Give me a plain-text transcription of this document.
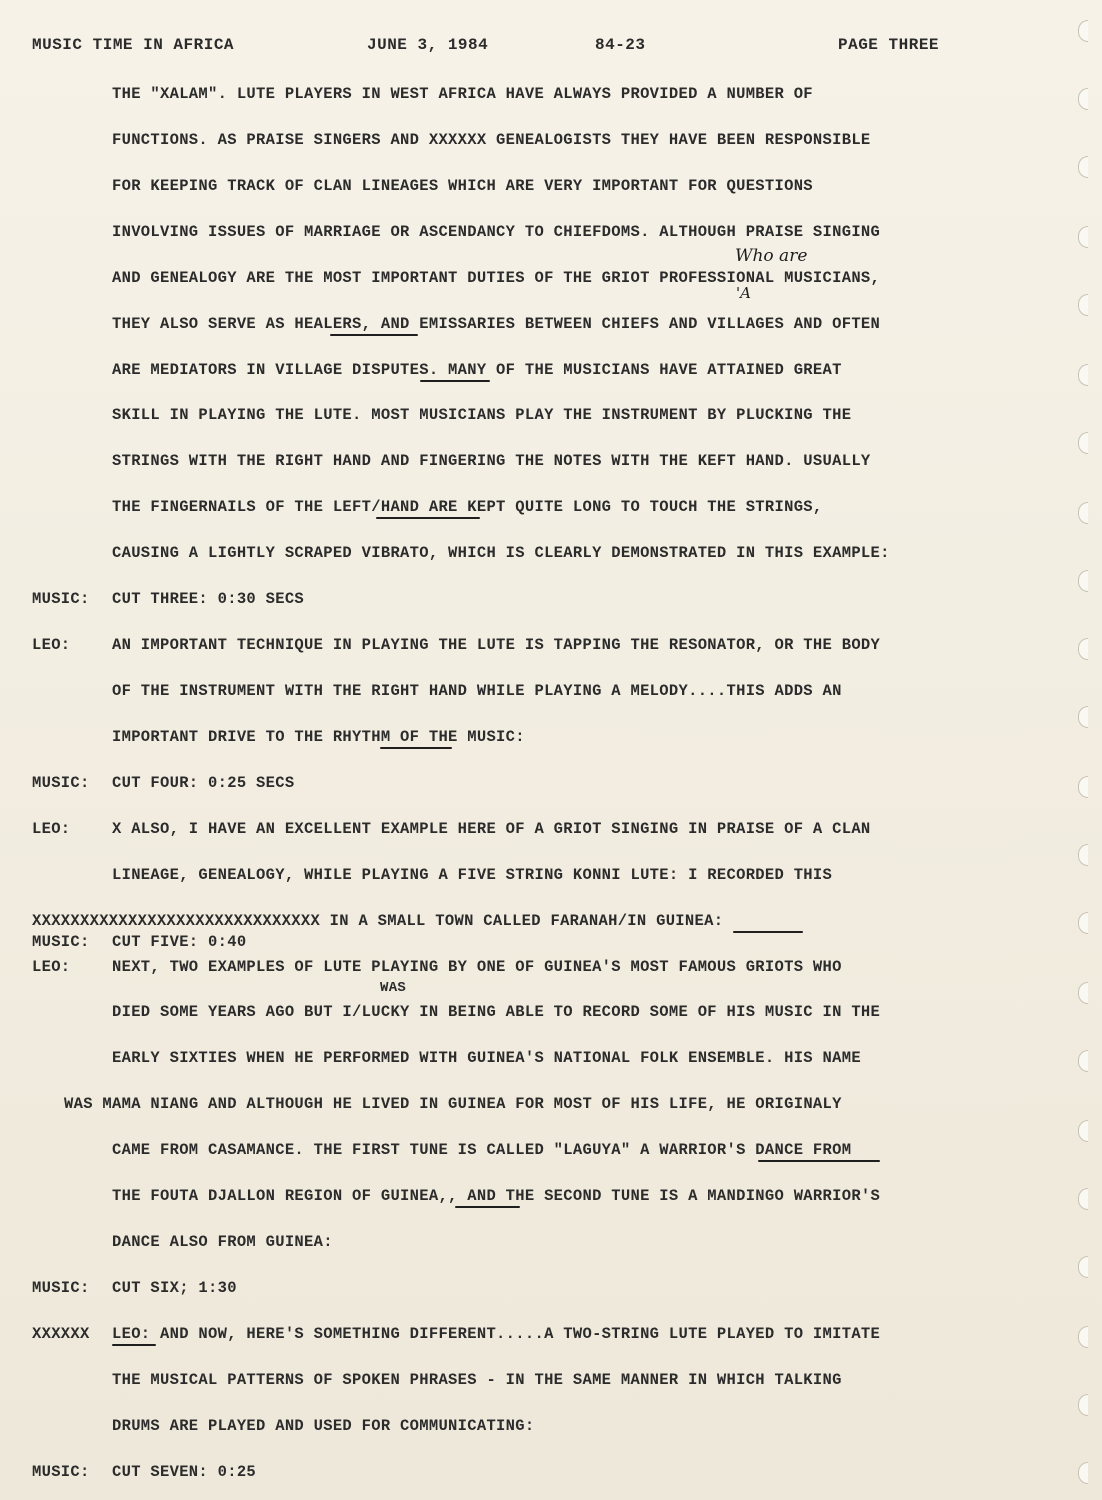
MUSIC TIME IN AFRICA	JUNE 3, 1984	84-23	PAGE THREE
THE "XALAM". LUTE PLAYERS IN WEST AFRICA HAVE ALWAYS PROVIDED A NUMBER OF
FUNCTIONS. AS PRAISE SINGERS AND XXXXXX GENEALOGISTS THEY HAVE BEEN RESPONSIBLE
FOR KEEPING TRACK OF CLAN LINEAGES WHICH ARE VERY IMPORTANT FOR QUESTIONS
INVOLVING ISSUES OF MARRIAGE OR ASCENDANCY TO CHIEFDOMS. ALTHOUGH PRAISE SINGING
AND GENEALOGY ARE THE MOST IMPORTANT DUTIES OF THE GRIOT PROFESSIONAL MUSICIANS,
THEY ALSO SERVE AS HEALERS, AND EMISSARIES BETWEEN CHIEFS AND VILLAGES AND OFTEN
ARE MEDIATORS IN VILLAGE DISPUTES. MANY OF THE MUSICIANS HAVE ATTAINED GREAT
SKILL IN PLAYING THE LUTE. MOST MUSICIANS PLAY THE INSTRUMENT BY PLUCKING THE
STRINGS WITH THE RIGHT HAND AND FINGERING THE NOTES WITH THE KEFT HAND. USUALLY
THE FINGERNAILS OF THE LEFT/HAND ARE KEPT QUITE LONG TO TOUCH THE STRINGS,
CAUSING A LIGHTLY SCRAPED VIBRATO, WHICH IS CLEARLY DEMONSTRATED IN THIS EXAMPLE:
MUSIC: CUT THREE: 0:30 SECS
LEO:	AN IMPORTANT TECHNIQUE IN PLAYING THE LUTE IS TAPPING THE RESONATOR, OR THE BODY
OF THE INSTRUMENT WITH THE RIGHT HAND WHILE PLAYING A MELODY....THIS ADDS AN
IMPORTANT DRIVE TO THE RHYTHM OF THE MUSIC:
MUSIC: CUT FOUR: 0:25 SECS
LEO:	X ALSO, I HAVE AN EXCELLENT EXAMPLE HERE OF A GRIOT SINGING IN PRAISE OF A CLAN
LINEAGE, GENEALOGY, WHILE PLAYING A FIVE STRING KONNI LUTE: I RECORDED THIS
XXXXXXXXXXXXXXXXXXXXXXXXXXXXXX IN A SMALL TOWN CALLED FARANAH/IN GUINEA:
MUSIC: CUT FIVE: 0:40
LEO:	NEXT, TWO EXAMPLES OF LUTE PLAYING BY ONE OF GUINEA'S MOST FAMOUS GRIOTS WHO
WAS
DIED SOME YEARS AGO BUT I/LUCKY IN BEING ABLE TO RECORD SOME OF HIS MUSIC IN THE
EARLY SIXTIES WHEN HE PERFORMED WITH GUINEA'S NATIONAL FOLK ENSEMBLE. HIS NAME
WAS MAMA NIANG AND ALTHOUGH HE LIVED IN GUINEA FOR MOST OF HIS LIFE, HE ORIGINALY
CAME FROM CASAMANCE. THE FIRST TUNE IS CALLED "LAGUYA" A WARRIOR'S DANCE FROM
THE FOUTA DJALLON REGION OF GUINEA,, AND THE SECOND TUNE IS A MANDINGO WARRIOR'S
DANCE ALSO FROM GUINEA:
MUSIC: CUT SIX; 1:30
XXXXXX LEO: AND NOW, HERE'S SOMETHING DIFFERENT.....A TWO-STRING LUTE PLAYED TO IMITATE
THE MUSICAL PATTERNS OF SPOKEN PHRASES - IN THE SAME MANNER IN WHICH TALKING
DRUMS ARE PLAYED AND USED FOR COMMUNICATING:
MUSIC: CUT SEVEN: 0:25
Who are
'A
